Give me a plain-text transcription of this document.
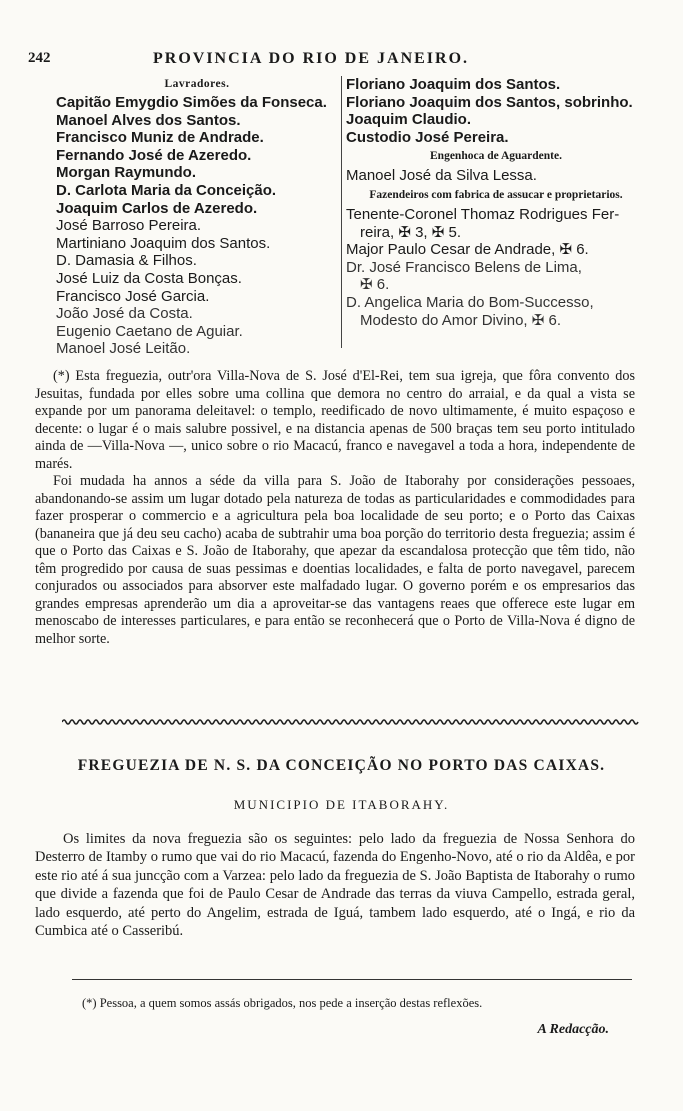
242	PROVINCIA DO RIO DE JANEIRO.
Lavradores.
Capitão Emygdio Simões da Fonseca.
Manoel Alves dos Santos.
Francisco Muniz de Andrade.
Fernando José de Azeredo.
Morgan Raymundo.
D. Carlota Maria da Conceição.
Joaquim Carlos de Azeredo.
José Barroso Pereira.
Martiniano Joaquim dos Santos.
D. Damasia & Filhos.
José Luiz da Costa Bonças.
Francisco José Garcia.
João José da Costa.
Eugenio Caetano de Aguiar.
Manoel José Leitão.
Floriano Joaquim dos Santos.
Floriano Joaquim dos Santos, sobrinho.
Joaquim Claudio.
Custodio José Pereira.
Engenhoca de Aguardente.
Manoel José da Silva Lessa.
Fazendeiros com fabrica de assucar e proprietarios.
Tenente-Coronel Thomaz Rodrigues Fer-
reira, ✠ 3, ✠ 5.
Major Paulo Cesar de Andrade, ✠ 6.
Dr. José Francisco Belens de Lima,
✠ 6.
D. Angelica Maria do Bom-Successo,
Modesto do Amor Divino, ✠ 6.

(*) Esta freguezia, outr'ora Villa-Nova de S. José d'El-Rei, tem sua igreja, que fôra convento dos Jesuitas, fundada por elles sobre uma collina que demora no centro do arraial, e da qual a vista se expande por um panorama deleitavel: o templo, reedificado de novo ultimamente, é muito espaçoso e decente: o lugar é o mais salubre possivel, e na distancia apenas de 500 braças tem seu porto intitulado ainda de —Villa-Nova —, unico sobre o rio Macacú, franco e navegavel a toda a hora, independente de marés.

Foi mudada ha annos a séde da villa para S. João de Itaborahy por considerações pessoaes, abandonando-se assim um lugar dotado pela natureza de todas as particularidades e commodidades para fazer prosperar o commercio e a agricultura pela boa localidade de seu porto; e o Porto das Caixas (bananeira que já deu seu cacho) acaba de subtrahir uma boa porção do territorio desta freguezia; assim é que o Porto das Caixas e S. João de Itaborahy, que apezar da escandalosa protecção que têm tido, não têm progredido por causa de suas pessimas e doentias localidades, e falta de porto navegavel, parecem conjurados ou associados para absorver este malfadado lugar. O governo porém e os empresarios das grandes empresas aprenderão um dia a aproveitar-se das vantagens reaes que offerece este lugar em menoscabo de interesses particulares, e para então se reconhecerá que o Porto de Villa-Nova é digno de melhor sorte.

FREGUEZIA DE N. S. DA CONCEIÇÃO NO PORTO DAS CAIXAS.
MUNICIPIO DE ITABORAHY.

Os limites da nova freguezia são os seguintes: pelo lado da freguezia de Nossa Senhora do Desterro de Itamby o rumo que vai do rio Macacú, fazenda do Engenho-Novo, até o rio da Aldêa, e por este rio até á sua juncção com a Varzea: pelo lado da freguezia de S. João Baptista de Itaborahy o rumo que divide a fazenda que foi de Paulo Cesar de Andrade das terras da viuva Campello, estrada geral, lado esquerdo, até perto do Angelim, estrada de Iguá, tambem lado esquerdo, até o Ingá, e rio da Cumbica até o Casseribú.

(*) Pessoa, a quem somos assás obrigados, nos pede a inserção destas reflexões.
A Redacção.
